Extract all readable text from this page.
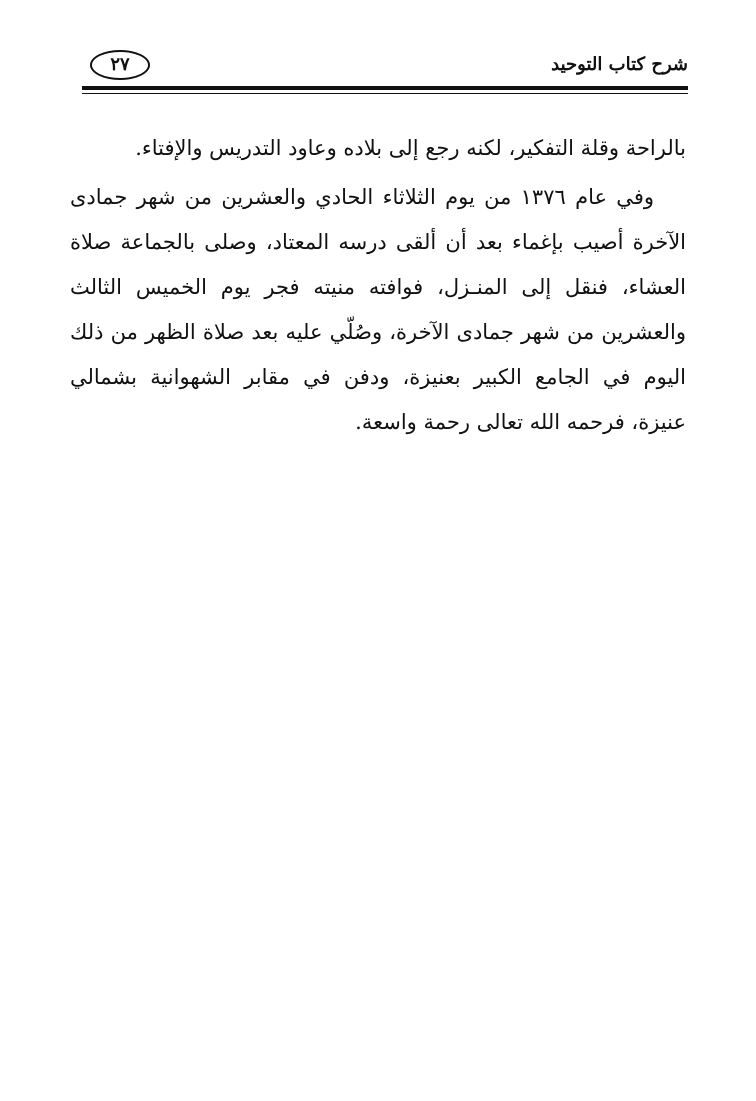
شرح كتاب التوحيد
٢٧

بالراحة وقلة التفكير، لكنه رجع إلى بلاده وعاود التدريس والإفتاء.

وفي عام ١٣٧٦ من يوم الثلاثاء الحادي والعشرين من شهر جمادى الآخرة أصيب بإغماء بعد أن ألقى درسه المعتاد، وصلى بالجماعة صلاة العشاء، فنقل إلى المنـزل، فوافته منيته فجر يوم الخميس الثالث والعشرين من شهر جمادى الآخرة، وصُلّي عليه بعد صلاة الظهر من ذلك اليوم في الجامع الكبير بعنيزة، ودفن في مقابر الشهوانية بشمالي عنيزة، فرحمه الله تعالى رحمة واسعة.
